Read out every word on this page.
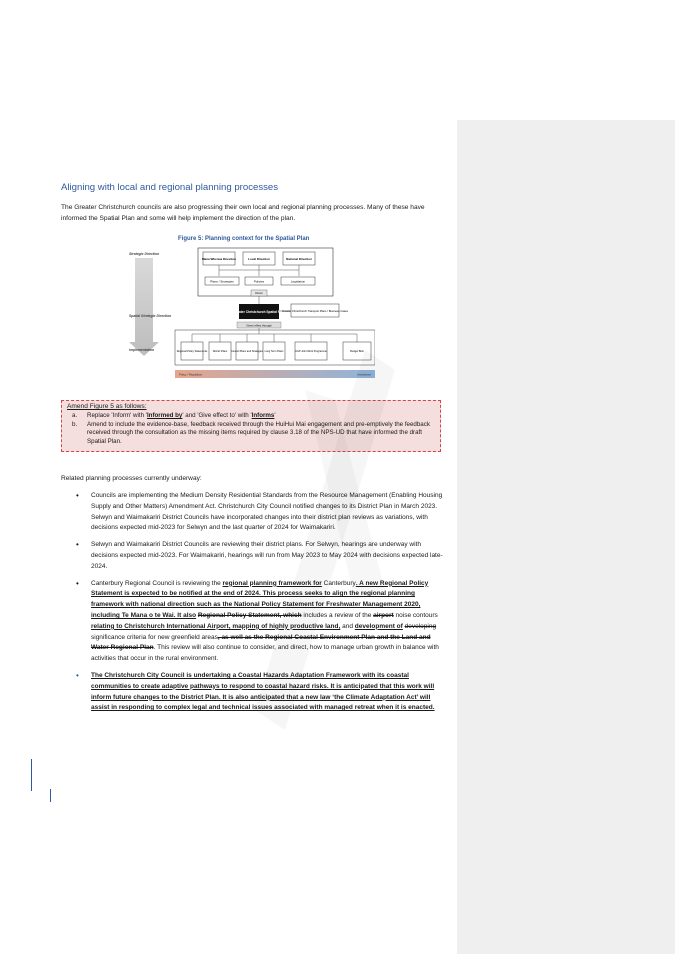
Aligning with local and regional planning processes
The Greater Christchurch councils are also progressing their own local and regional planning processes. Many of these have informed the Spatial Plan and some will help implement the direction of the plan.
Figure 5: Planning context for the Spatial Plan
Strategic Direction
Spatial Strategic Direction
Implementation
Mana Whenua Direction	Local Direction	National Direction
Plans / Strategies	Policies	Legislation
Inform
Greater Christchurch Spatial Plan
Greater Christchurch Transport Plans / Business Cases
Given effect through
Regional Policy Statements District Plans Council Plans and Strategies Long Term Plans	UGP Joint Work Programme	Budget Bids
Policy / Regulation	Investment
Amend Figure 5 as follows:
a. Replace 'Inform' with 'Informed by' and 'Give effect to' with 'Informs'
b. Amend to include the evidence-base, feedback received through the HuiHui Mai engagement and pre-emptively the feedback received through the consultation as the missing items required by clause 3.18 of the NPS-UD that have informed the draft Spatial Plan.
Related planning processes currently underway:
• Councils are implementing the Medium Density Residential Standards from the Resource Management (Enabling Housing Supply and Other Matters) Amendment Act. Christchurch City Council notified changes to its District Plan in March 2023. Selwyn and Waimakariri District Councils have incorporated changes into their district plan reviews as variations, with decisions expected mid-2023 for Selwyn and the last quarter of 2024 for Waimakariri.
• Selwyn and Waimakariri District Councils are reviewing their district plans. For Selwyn, hearings are underway with decisions expected mid-2023. For Waimakariri, hearings will run from May 2023 to May 2024 with decisions expected late-2024.
• Canterbury Regional Council is reviewing the regional planning framework for Canterbury. A new Regional Policy Statement is expected to be notified at the end of 2024. This process seeks to align the regional planning framework with national direction such as the National Policy Statement for Freshwater Management 2020, including Te Mana o te Wai. It also Regional Policy Statement, which includes a review of the airport noise contours relating to Christchurch International Airport, mapping of highly productive land, and development of developing significance criteria for new greenfield areas, as well as the Regional Coastal Environment Plan and the Land and Water Regional Plan. This review will also continue to consider, and direct, how to manage urban growth in balance with activities that occur in the rural environment.
• The Christchurch City Council is undertaking a Coastal Hazards Adaptation Framework with its coastal communities to create adaptive pathways to respond to coastal hazard risks. It is anticipated that this work will inform future changes to the District Plan. It is also anticipated that a new law ‘the Climate Adaptation Act’ will assist in responding to complex legal and technical issues associated with managed retreat when it is enacted.
